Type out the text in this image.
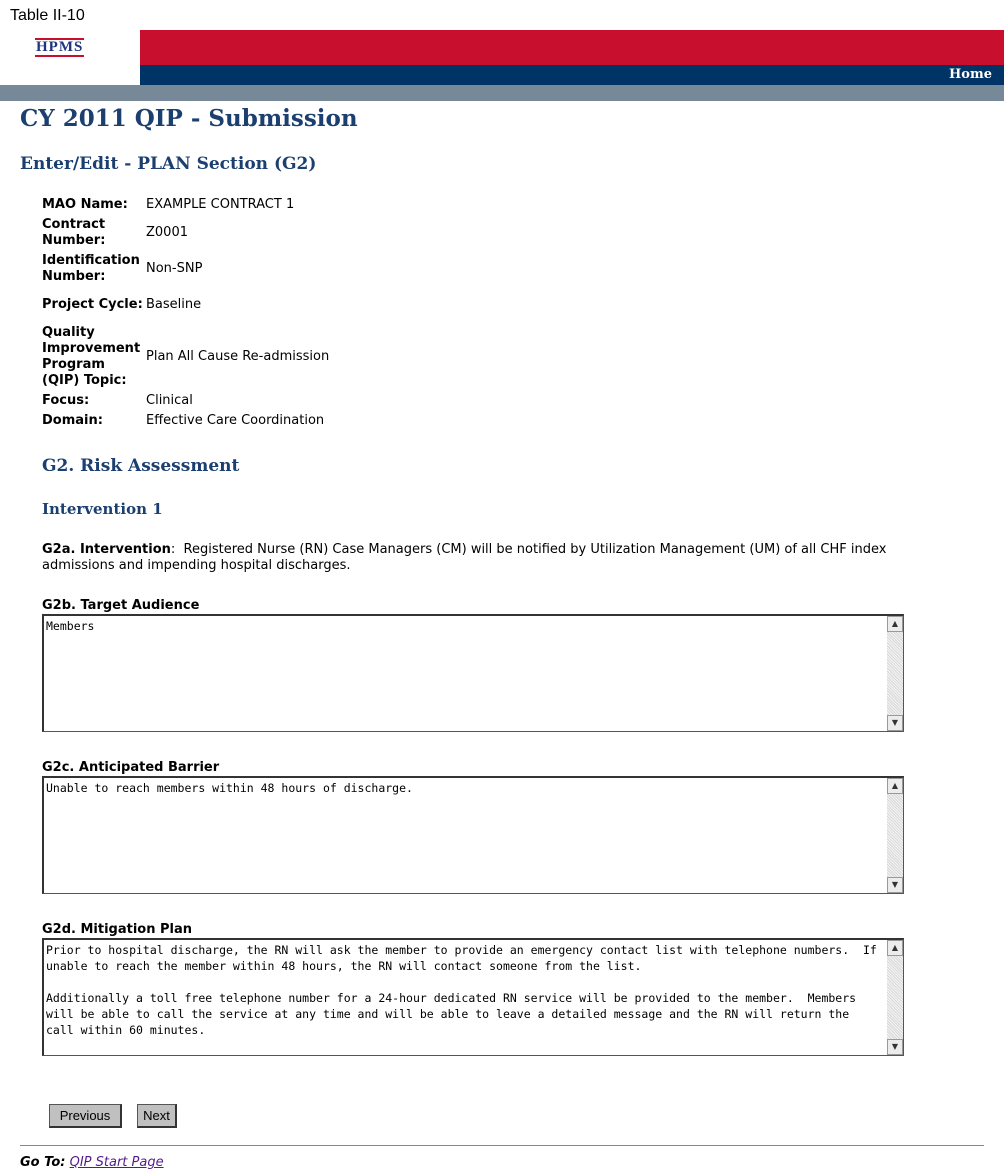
Table II-10
HPMS
Home
CY 2011 QIP - Submission
Enter/Edit - PLAN Section (G2)
MAO Name:	EXAMPLE CONTRACT 1
Contract Number:	Z0001
Identification Number:	Non-SNP
Project Cycle:	Baseline
Quality Improvement Program (QIP) Topic:	Plan All Cause Re-admission
Focus:	Clinical
Domain:	Effective Care Coordination
G2. Risk Assessment
Intervention 1
G2a. Intervention:  Registered Nurse (RN) Case Managers (CM) will be notified by Utilization Management (UM) of all CHF index admissions and impending hospital discharges.
G2b. Target Audience
Members	▲
▼
G2c. Anticipated Barrier
Unable to reach members within 48 hours of discharge.	▲
▼
G2d. Mitigation Plan
Prior to hospital discharge, the RN will ask the member to provide an emergency contact list with telephone numbers.  If unable to reach the member within 48 hours, the RN will contact someone from the list.

Additionally a toll free telephone number for a 24-hour dedicated RN service will be provided to the member.  Members will be able to call the service at any time and will be able to leave a detailed message and the RN will return the call within 60 minutes.
▲
▼
Previous	Next
Go To: QIP Start Page
